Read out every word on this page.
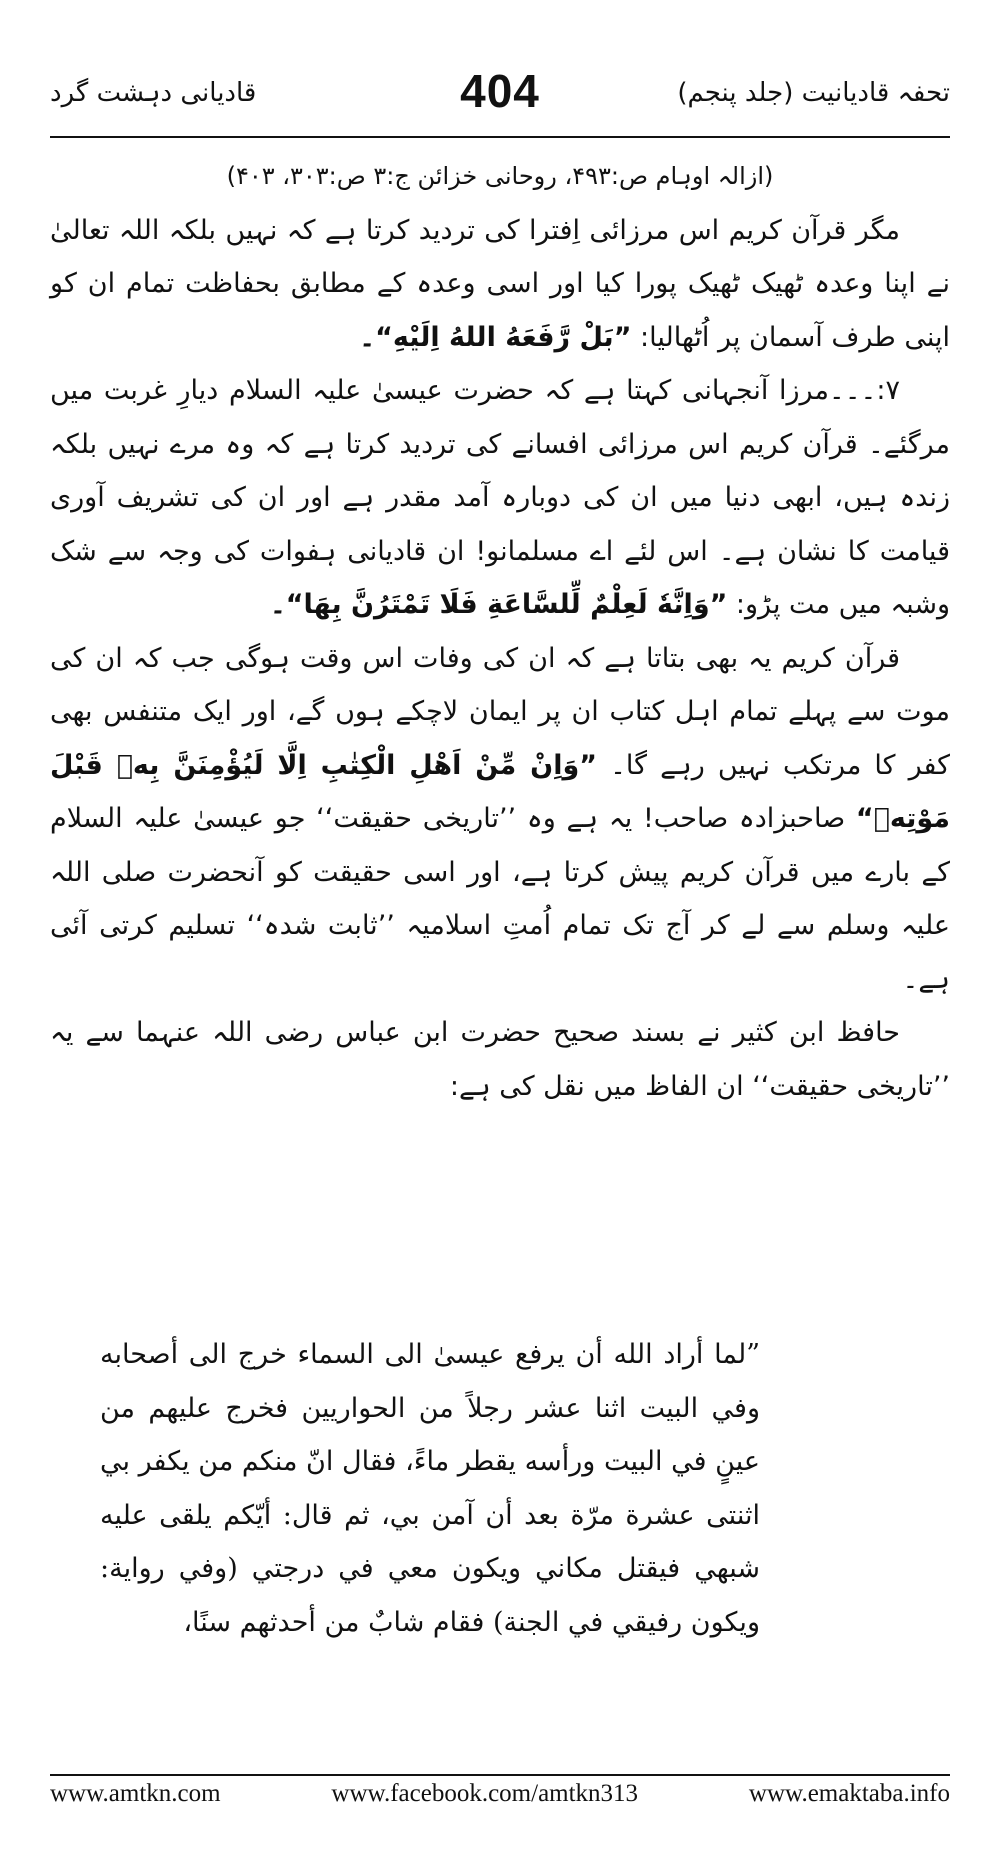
قادیانی دہشت گرد	404	تحفہ قادیانیت (جلد پنجم)

(ازالہ اوہام ص:۴۹۳، روحانی خزائن ج:۳ ص:۳۰۳، ۴۰۳)

مگر قرآن کریم اس مرزائی اِفترا کی تردید کرتا ہے کہ نہیں بلکہ اللہ تعالیٰ نے اپنا وعدہ ٹھیک ٹھیک پورا کیا اور اسی وعدہ کے مطابق بحفاظت تمام ان کو اپنی طرف آسمان پر اُٹھالیا: ”بَلْ رَّفَعَهُ اللهُ اِلَيْهِ“۔

۷:۔۔۔مرزا آنجہانی کہتا ہے کہ حضرت عیسیٰ علیہ السلام دیارِ غربت میں مرگئے۔ قرآن کریم اس مرزائی افسانے کی تردید کرتا ہے کہ وہ مرے نہیں بلکہ زندہ ہیں، ابھی دنیا میں ان کی دوبارہ آمد مقدر ہے اور ان کی تشریف آوری قیامت کا نشان ہے۔ اس لئے اے مسلمانو! ان قادیانی ہفوات کی وجہ سے شک وشبہ میں مت پڑو: ”وَاِنَّهٗ لَعِلْمٌ لِّلسَّاعَةِ فَلَا تَمْتَرُنَّ بِهَا“۔

قرآن کریم یہ بھی بتاتا ہے کہ ان کی وفات اس وقت ہوگی جب کہ ان کی موت سے پہلے تمام اہل کتاب ان پر ایمان لاچکے ہوں گے، اور ایک متنفس بھی کفر کا مرتکب نہیں رہے گا۔ ”وَاِنْ مِّنْ اَهْلِ الْكِتٰبِ اِلَّا لَيُؤْمِنَنَّ بِهٖ قَبْلَ مَوْتِهٖ“ صاحبزادہ صاحب! یہ ہے وہ ’’تاریخی حقیقت‘‘ جو عیسیٰ علیہ السلام کے بارے میں قرآن کریم پیش کرتا ہے، اور اسی حقیقت کو آنحضرت صلی اللہ علیہ وسلم سے لے کر آج تک تمام اُمتِ اسلامیہ ’’ثابت شدہ‘‘ تسلیم کرتی آئی ہے۔

حافظ ابن کثیر نے بسند صحیح حضرت ابن عباس رضی اللہ عنہما سے یہ ’’تاریخی حقیقت‘‘ ان الفاظ میں نقل کی ہے:

”لما أراد الله أن يرفع عيسىٰ الى السماء خرج الى أصحابه وفي البيت اثنا عشر رجلاً من الحواريين فخرج عليهم من عينٍ في البيت ورأسه يقطر ماءً، فقال انّ منكم من يكفر بي اثنتى عشرة مرّة بعد أن آمن بي، ثم قال: أيّكم يلقى عليه شبهي فيقتل مكاني ويكون معي في درجتي (وفي رواية: ويكون رفيقي في الجنة) فقام شابٌ من أحدثهم سنًا،

www.amtkn.com	www.facebook.com/amtkn313	www.emaktaba.info
